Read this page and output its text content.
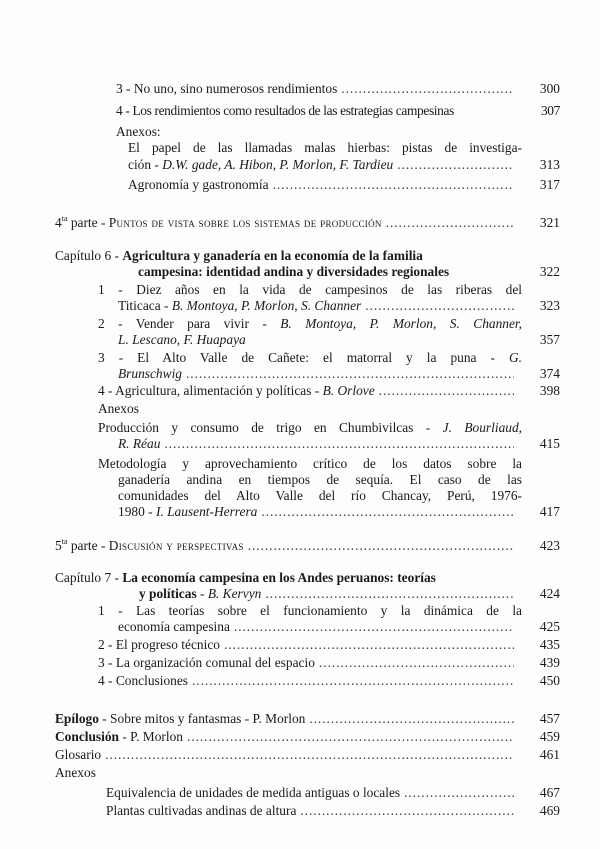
3 - No uno, sino numerosos rendimientos . . .	300
4 - Los rendimientos como resultados de las estrategias campesinas	307
Anexos:
El papel de las llamadas malas hierbas: pistas de investiga-
ción - D.W. gade, A. Hibon, P. Morlon, F. Tardieu . . .	313
Agronomía y gastronomía . . .	317
$4^{ta}$ parte - Puntos de vista sobre los sistemas de producción . . .	321
Capítulo 6 - Agricultura y ganadería en la economía de la familia
campesina: identidad andina y diversidades regionales	322
1 - Diez años en la vida de campesinos de las riberas del
Titicaca - B. Montoya, P. Morlon, S. Channer . . .	323
2 - Vender para vivir - B. Montoya, P. Morlon, S. Channer,
L. Lescano, F. Huapaya	357
3 - El Alto Valle de Cañete: el matorral y la puna - G.
Brunschwig . . .	374
4 - Agricultura, alimentación y políticas - B. Orlove . . .	398
Anexos
Producción y consumo de trigo en Chumbivilcas - J. Bourliaud,
R. Réau . . .	415
Metodología y aprovechamiento crítico de los datos sobre la
ganadería andina en tiempos de sequía. El caso de las
comunidades del Alto Valle del río Chancay, Perú, 1976-
1980 - I. Lausent-Herrera . . .	417
$5^{ta}$ parte - Discusión y perspectivas . . .	423
Capítulo 7 - La economía campesina en los Andes peruanos: teorías
y políticas - B. Kervyn . . .	424
1 - Las teorías sobre el funcionamiento y la dinámica de la
economía campesina . . .	425
2 - El progreso técnico . . .	435
3 - La organización comunal del espacio . . .	439
4 - Conclusiones . . .	450
Epílogo - Sobre mitos y fantasmas - P. Morlon . . .	457
Conclusión - P. Morlon . . .	459
Glosario . . .	461
Anexos
Equivalencia de unidades de medida antiguas o locales . . .	467
Plantas cultivadas andinas de altura . . .	469
